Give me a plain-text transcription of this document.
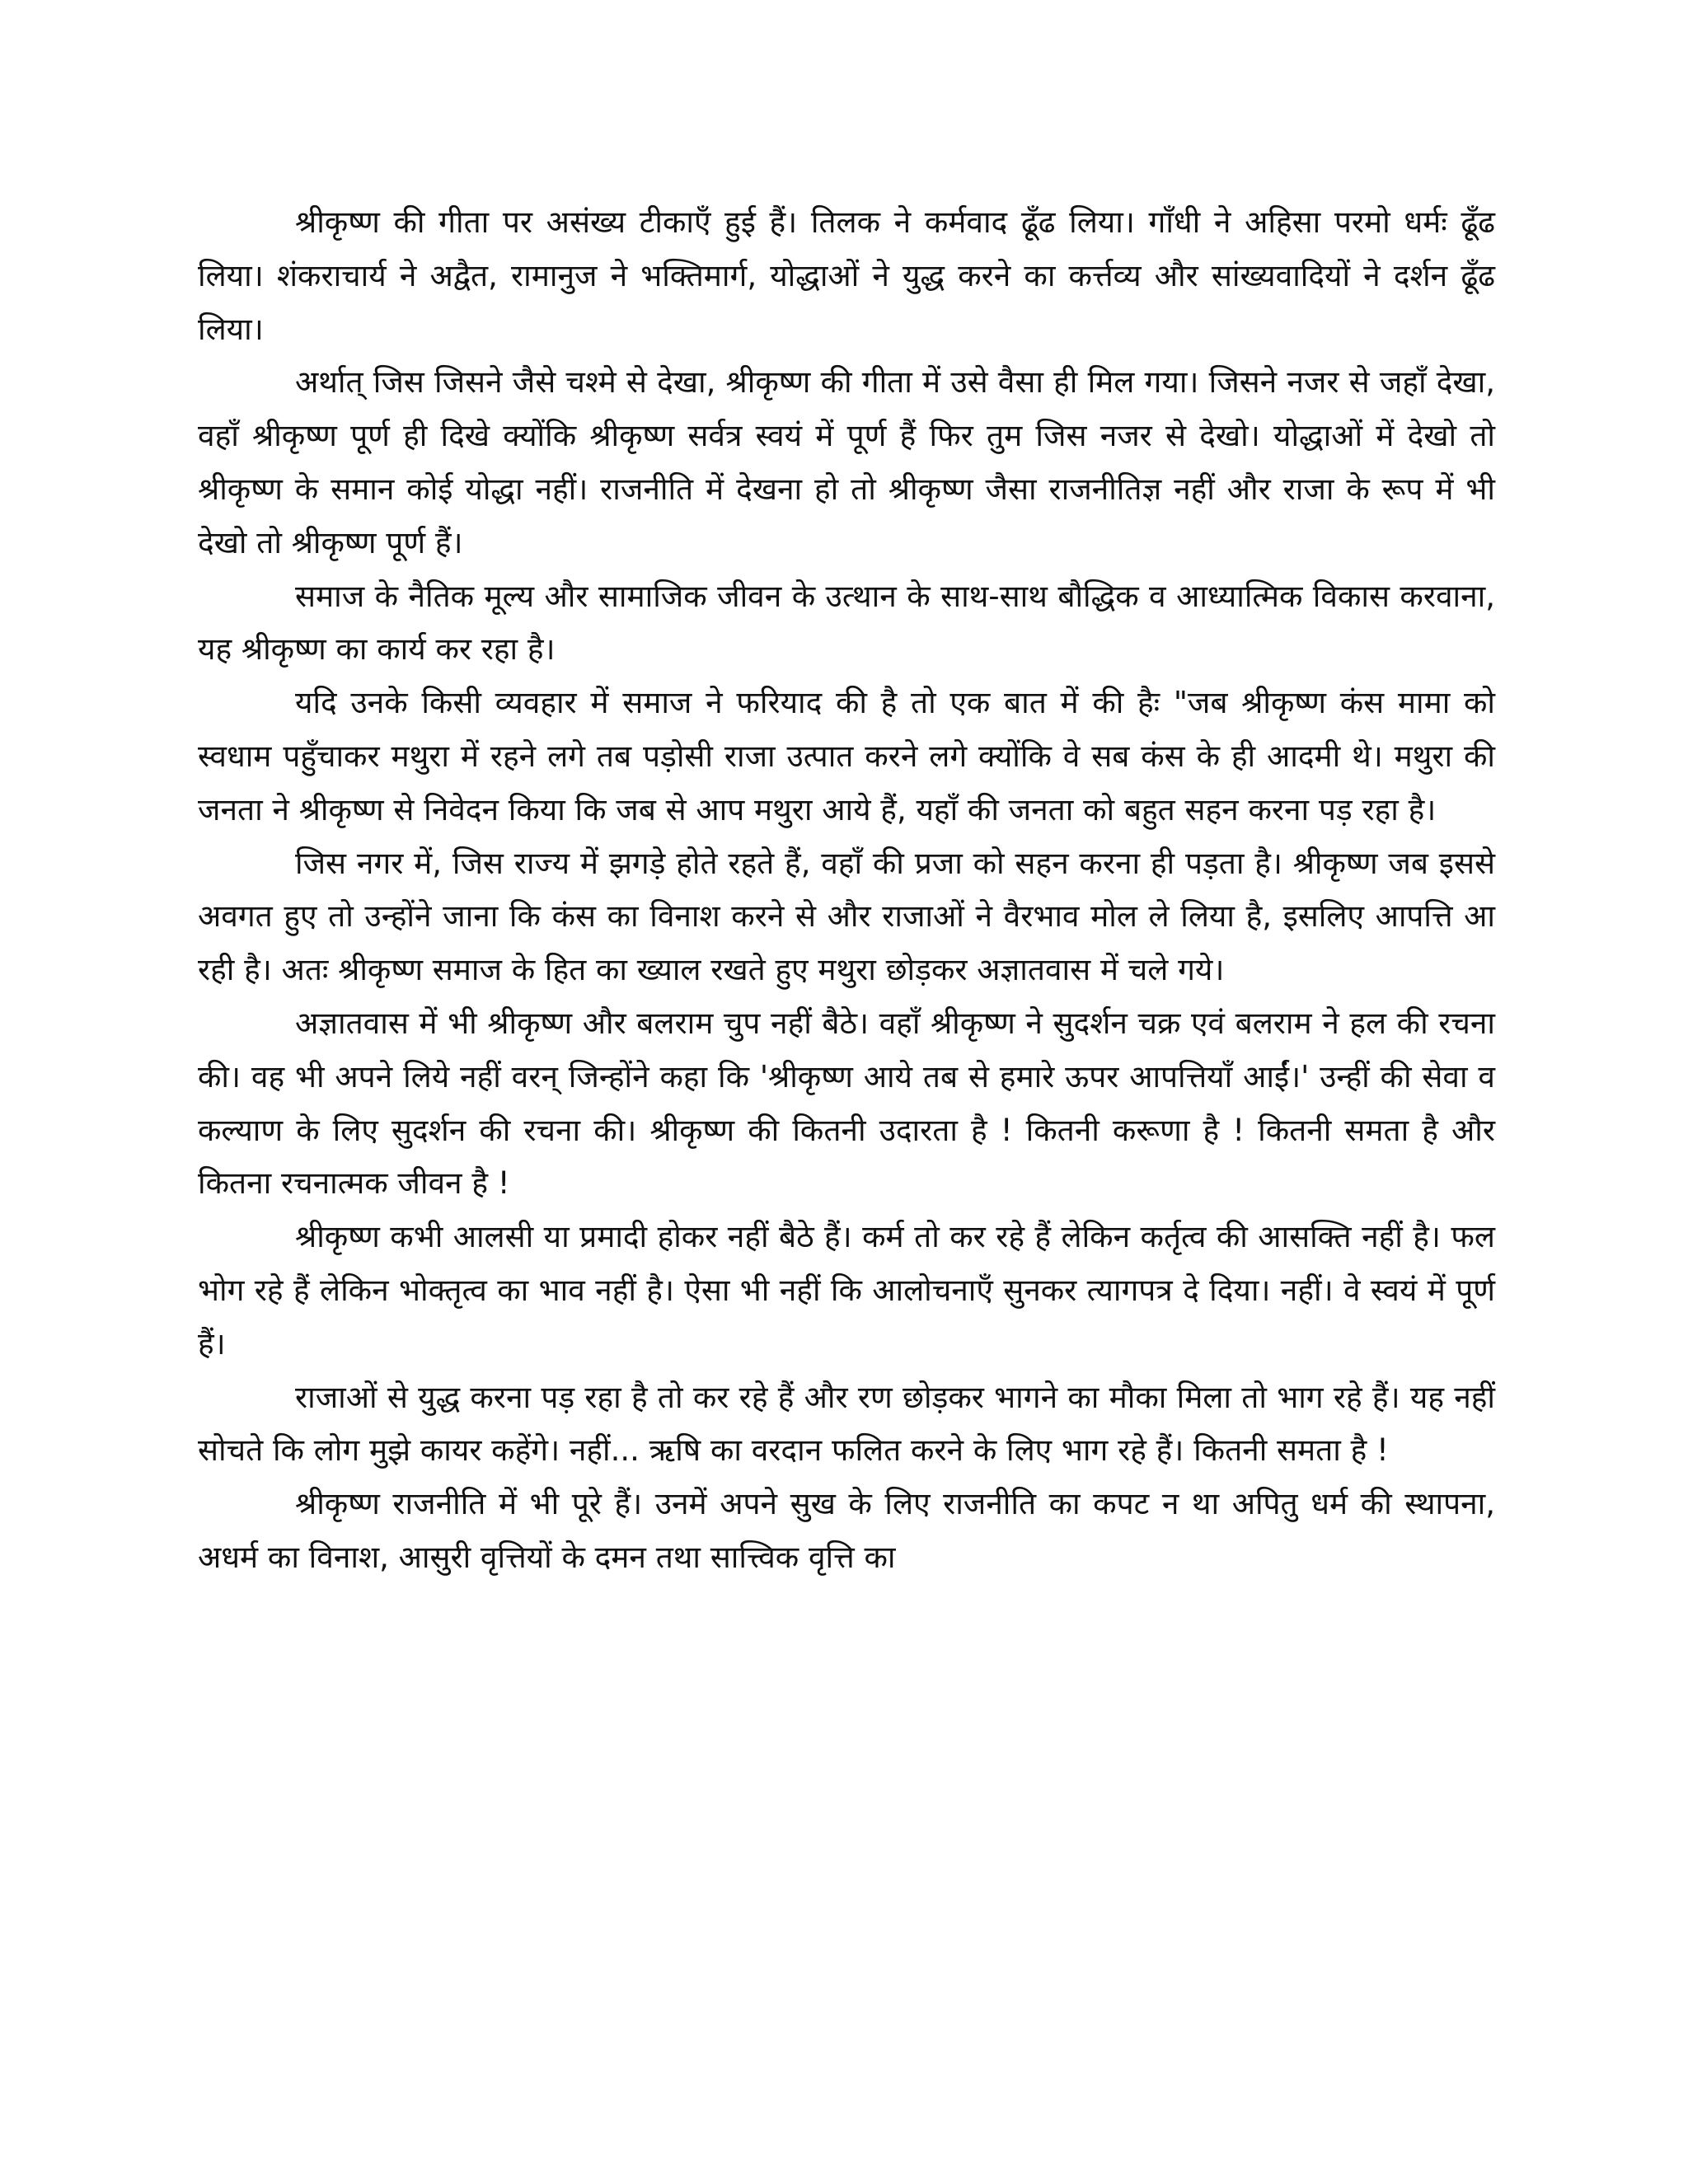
श्रीकृष्ण की गीता पर असंख्य टीकाएँ हुई हैं। तिलक ने कर्मवाद ढूँढ लिया। गाँधी ने अहिसा परमो धर्मः ढूँढ लिया। शंकराचार्य ने अद्वैत, रामानुज ने भक्तिमार्ग, योद्धाओं ने युद्ध करने का कर्त्तव्य और सांख्यवादियों ने दर्शन ढूँढ लिया।

अर्थात् जिस जिसने जैसे चश्मे से देखा, श्रीकृष्ण की गीता में उसे वैसा ही मिल गया। जिसने नजर से जहाँ देखा, वहाँ श्रीकृष्ण पूर्ण ही दिखे क्योंकि श्रीकृष्ण सर्वत्र स्वयं में पूर्ण हैं फिर तुम जिस नजर से देखो। योद्धाओं में देखो तो श्रीकृष्ण के समान कोई योद्धा नहीं। राजनीति में देखना हो तो श्रीकृष्ण जैसा राजनीतिज्ञ नहीं और राजा के रूप में भी देखो तो श्रीकृष्ण पूर्ण हैं।

समाज के नैतिक मूल्य और सामाजिक जीवन के उत्थान के साथ-साथ बौद्धिक व आध्यात्मिक विकास करवाना, यह श्रीकृष्ण का कार्य कर रहा है।

यदि उनके किसी व्यवहार में समाज ने फरियाद की है तो एक बात में की हैः "जब श्रीकृष्ण कंस मामा को स्वधाम पहुँचाकर मथुरा में रहने लगे तब पड़ोसी राजा उत्पात करने लगे क्योंकि वे सब कंस के ही आदमी थे। मथुरा की जनता ने श्रीकृष्ण से निवेदन किया कि जब से आप मथुरा आये हैं, यहाँ की जनता को बहुत सहन करना पड़ रहा है।

जिस नगर में, जिस राज्य में झगड़े होते रहते हैं, वहाँ की प्रजा को सहन करना ही पड़ता है। श्रीकृष्ण जब इससे अवगत हुए तो उन्होंने जाना कि कंस का विनाश करने से और राजाओं ने वैरभाव मोल ले लिया है, इसलिए आपत्ति आ रही है। अतः श्रीकृष्ण समाज के हित का ख्याल रखते हुए मथुरा छोड़कर अज्ञातवास में चले गये।

अज्ञातवास में भी श्रीकृष्ण और बलराम चुप नहीं बैठे। वहाँ श्रीकृष्ण ने सुदर्शन चक्र एवं बलराम ने हल की रचना की। वह भी अपने लिये नहीं वरन् जिन्होंने कहा कि 'श्रीकृष्ण आये तब से हमारे ऊपर आपत्तियाँ आईं।' उन्हीं की सेवा व कल्याण के लिए सुदर्शन की रचना की। श्रीकृष्ण की कितनी उदारता है ! कितनी करूणा है ! कितनी समता है और कितना रचनात्मक जीवन है !

श्रीकृष्ण कभी आलसी या प्रमादी होकर नहीं बैठे हैं। कर्म तो कर रहे हैं लेकिन कर्तृत्व की आसक्ति नहीं है। फल भोग रहे हैं लेकिन भोक्तृत्व का भाव नहीं है। ऐसा भी नहीं कि आलोचनाएँ सुनकर त्यागपत्र दे दिया। नहीं। वे स्वयं में पूर्ण हैं।

राजाओं से युद्ध करना पड़ रहा है तो कर रहे हैं और रण छोड़कर भागने का मौका मिला तो भाग रहे हैं। यह नहीं सोचते कि लोग मुझे कायर कहेंगे। नहीं... ऋषि का वरदान फलित करने के लिए भाग रहे हैं। कितनी समता है !

श्रीकृष्ण राजनीति में भी पूरे हैं। उनमें अपने सुख के लिए राजनीति का कपट न था अपितु धर्म की स्थापना, अधर्म का विनाश, आसुरी वृत्तियों के दमन तथा सात्त्विक वृत्ति का
